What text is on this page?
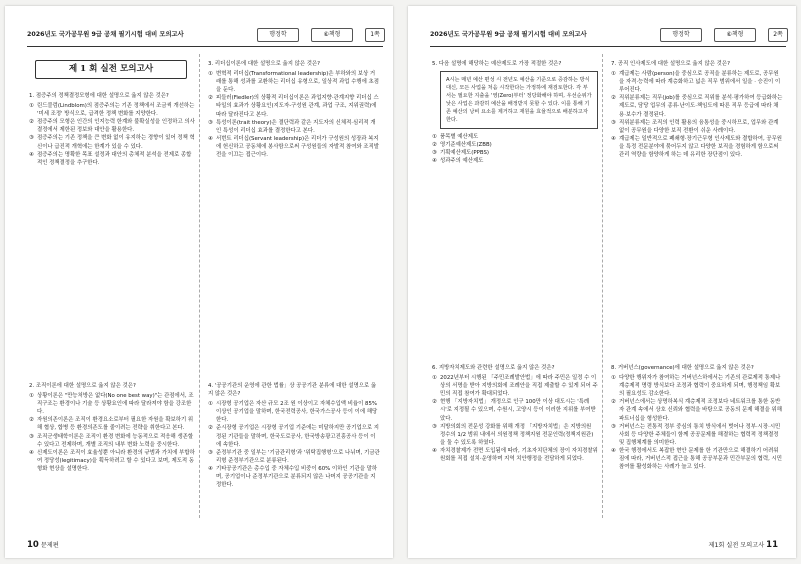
2026년도 국가공무원 9급 공채 필기시험 대비 모의고사	행정학	⑥책형	1쪽
제 1 회 실전 모의고사

1. 점증주의 정책결정모형에 대한 설명으로 옳지 않은 것은?

① 린드블럼(Lindblom)의 점증주의는 기존 정책에서 조금씩 개선하는 '미세 조정' 방식으로, 급격한 정책 변화를 지양한다.

② 점증주의 모형은 인간의 인지능력 한계와 불확실성을 인정하고 의사결정에서 제한된 정보와 대안을 활용한다.

③ 점증주의는 기존 정책을 큰 변화 없이 유지하는 경향이 있어 정책 혁신이나 급진적 개혁에는 한계가 있을 수 있다.

④ 점증주의는 명확한 목표 설정과 대안의 총체적 분석을 전제로 종합적인 정책결정을 추구한다.

2. 조직이론에 대한 설명으로 옳지 않은 것은?

① 상황이론은 "만능처방은 없다(No one best way)"는 관점에서, 조직구조는 환경이나 기술 등 상황요인에 따라 달라져야 함을 강조한다.

② 자원의존이론은 조직이 환경요소로부터 필요한 자원을 확보하기 위해 협상, 합병 등 환경의존도를 줄이려는 전략을 취한다고 본다.

③ 조직군생태학이론은 조직이 환경 변화에 능동적으로 적응해 생존할 수 있다고 전제하며, 개별 조직의 내부 변화 노력을 중시한다.

④ 신제도이론은 조직이 효율성뿐 아니라 환경의 규범과 가치에 부합하여 정당성(legitimacy)을 획득하려고 할 수 있다고 보며, 제도적 동형화 현상을 설명한다.

3. 리더십이론에 대한 설명으로 옳지 않은 것은?

① 변혁적 리더십(Transformational leadership)은 부하와의 보상 거래를 통해 성과를 교환하는 리더십 유형으로, 일상적 과업 수행에 초점을 둔다.

② 피들러(Fiedler)의 상황적 리더십이론은 과업지향·관계지향 리더십 스타일의 효과가 상황요인(지도자-구성원 관계, 과업 구조, 지위권력)에 따라 달라진다고 본다.

③ 특성이론(trait theory)은 결단력과 같은 지도자의 신체적·심리적 개인 특성이 리더십 효과를 결정한다고 본다.

④ 서번트 리더십(Servant leadership)은 리더가 구성원의 성장과 복지에 헌신하고 공동체에 봉사함으로써 구성원들의 자발적 참여와 조직발전을 이끄는 접근이다.

4. '공공기관의 운영에 관한 법률」상 공공기관 분류에 대한 설명으로 옳지 않은 것은?

① 시장형 공기업은 자산 규모 2조 원 이상이고 자체수입액 비율이 85% 이상인 공기업을 말하며, 한국전력공사, 한국가스공사 등이 이에 해당한다.

② 준시장형 공기업은 시장형 공기업 기준에는 미달하지만 공기업으로 지정된 기관들을 말하며, 한국도로공사, 한국방송광고진흥공사 등이 이에 속한다.

③ 준정부기관 중 일부는 '기금관리형'과 '위탁집행형'으로 나뉘며, 기금관리형 준정부기관으로 분류된다.

④ 기타공공기관은 총수입 중 자체수입 비중이 60% 이하인 기관을 말하며, 공기업이나 준정부기관으로 분류되지 않은 나머지 공공기관을 지정한다.

10 문제편
2026년도 국가공무원 9급 공채 필기시험 대비 모의고사	행정학	⑥책형	2쪽

5. 다음 설명에 해당하는 예산제도로 가장 적절한 것은?

A시는 매년 예산 편성 시 전년도 예산을 기준으로 증감하는 방식 대신, 모든 사업을 처음 시작한다는 가정하에 재검토한다. 각 부서는 필요한 지출을 '영(Zero)부터' 정당화해야 하며, 우선순위가 낮은 사업은 과감히 예산을 배정받지 못할 수 있다. 이를 통해 기존 예산의 낭비 요소를 제거하고 재원을 효율적으로 배분하고자 한다.

① 품목별 예산제도

② 영기준예산제도(ZBB)

③ 기획예산제도(PPBS)

④ 성과주의 예산제도

6. 지방자치제도와 관련한 설명으로 옳지 않은 것은?

① 2022년부터 시행된 「주민조례발안법」에 따라 주민은 일정 수 이상의 서명을 받아 지방의회에 조례안을 직접 제출할 수 있게 되어 주민의 직접 참여가 확대되었다.

② 현행 「지방자치법」 개정으로 인구 100만 이상 대도시는 '특례시'로 지정될 수 있으며, 수원시, 고양시 등이 이러한 지위를 부여받았다.

③ 지방의회의 전문성 강화를 위해 개정 「지방자치법」은 지방의원 정수의 1/2 범위 내에서 의원정책 정책지원 전문인력(정책지원관)을 둘 수 있도록 하였다.

④ 자치경찰제가 전면 도입됨에 따라, 기초자치단체의 장이 자치경찰위원회를 직접 설치·운영하며 지역 치안행정을 전담하게 되었다.

7. 공직 인사제도에 대한 설명으로 옳지 않은 것은?

① 계급제는 사람(person)을 중심으로 공직을 분류하는 제도로, 공무원을 자격·능력에 따라 계층화하고 넓은 직무 범위에서 일을 · 승진이 이루어진다.

② 직위분류제는 직무(job)를 중심으로 직위를 분석·평가하여 등급화하는 제도로, 담당 업무의 종류·난이도·책임도에 따른 직무 등급에 따라 채용·보수가 결정된다.

③ 직위분류제는 조직의 인력 활용의 융통성을 중시하므로, 업무와 관계없이 공무원을 다양한 보직 전환이 쉬운 사례이다.

④ 계급제는 일반적으로 폐쇄형·장기근무형 인사제도와 결합하여, 공무원을 특정 전문분야에 묶어두지 않고 다양한 보직을 경험하게 함으로써 관리 역량을 함양하게 하는 데 유리한 장단점이 있다.

8. 거버넌스(governance)에 대한 설명으로 옳지 않은 것은?

① 다양한 행위자가 참여하는 거버넌스하에서는 기존의 관료제적 통제나 계층제적 명령 방식보다 조정과 협력이 중요하게 되며, 행정책임 확보의 필요성도 감소한다.

② 거버넌스에서는 상명하복식 계층제적 조정보다 네트워크를 통한 동반자 관계 속에서 상호 신뢰와 협력을 바탕으로 공동의 문제 해결을 위해 파트너십을 형성한다.

③ 거버넌스는 전통적 정부 중심의 통치 방식에서 벗어나 정부·시장·시민사회 등 다양한 주체들이 함께 공공문제를 해결하는 협력적 정책결정 및 집행체계를 의미한다.

④ 한국 행정에서도 복잡한 현안 문제를 한 기관만으로 해결하기 어려워짐에 따라, 거버넌스적 접근을 통해 공공부문과 민간부문의 협력, 시민참여를 활성화하는 사례가 늘고 있다.

제1회 실전 모의고사 11
